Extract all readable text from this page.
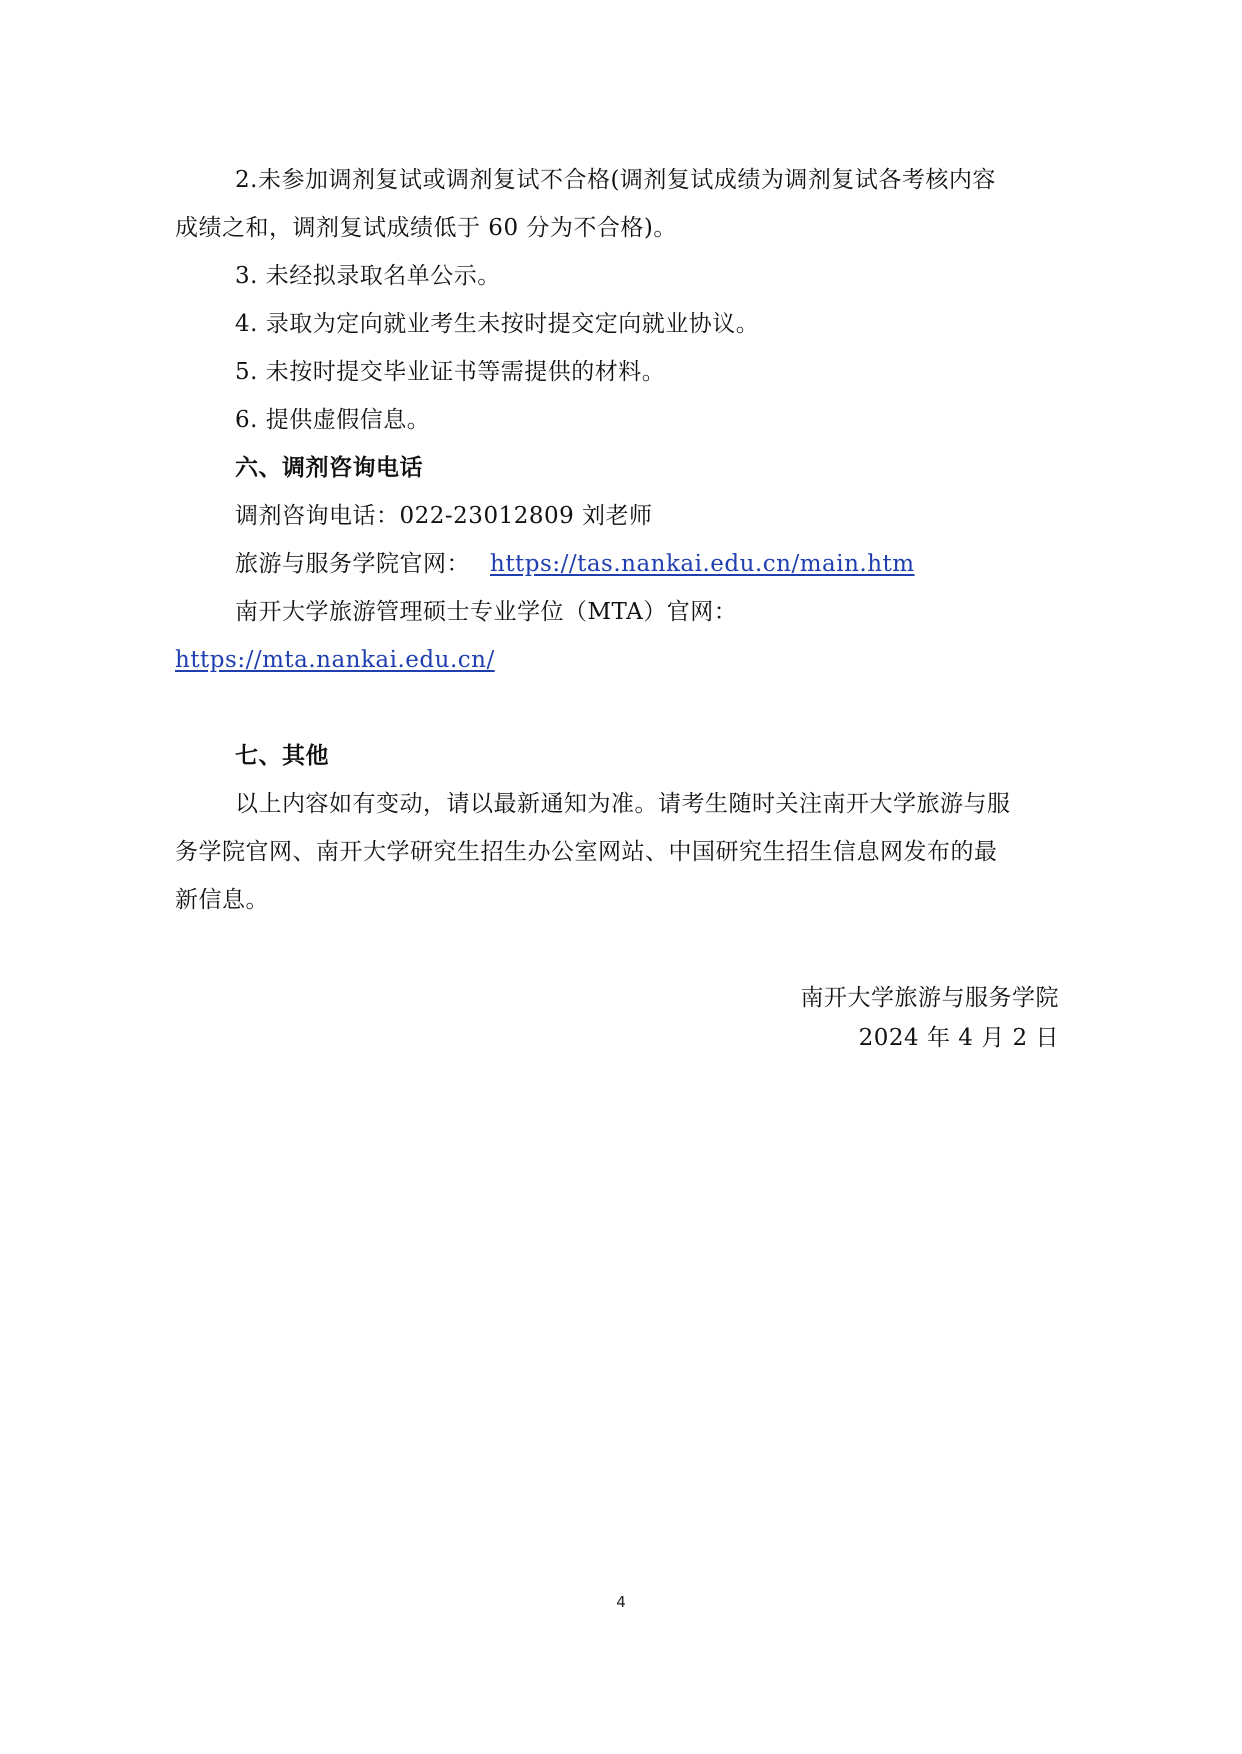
2.未参加调剂复试或调剂复试不合格(调剂复试成绩为调剂复试各考核内容
成绩之和，调剂复试成绩低于 60 分为不合格)。
3. 未经拟录取名单公示。
4. 录取为定向就业考生未按时提交定向就业协议。
5. 未按时提交毕业证书等需提供的材料。
6. 提供虚假信息。
六、调剂咨询电话
调剂咨询电话：022-23012809 刘老师
旅游与服务学院官网： https://tas.nankai.edu.cn/main.htm
南开大学旅游管理硕士专业学位（MTA）官网：
https://mta.nankai.edu.cn/
七、其他
以上内容如有变动，请以最新通知为准。请考生随时关注南开大学旅游与服
务学院官网、南开大学研究生招生办公室网站、中国研究生招生信息网发布的最
新信息。
南开大学旅游与服务学院
2024 年 4 月 2 日
4
